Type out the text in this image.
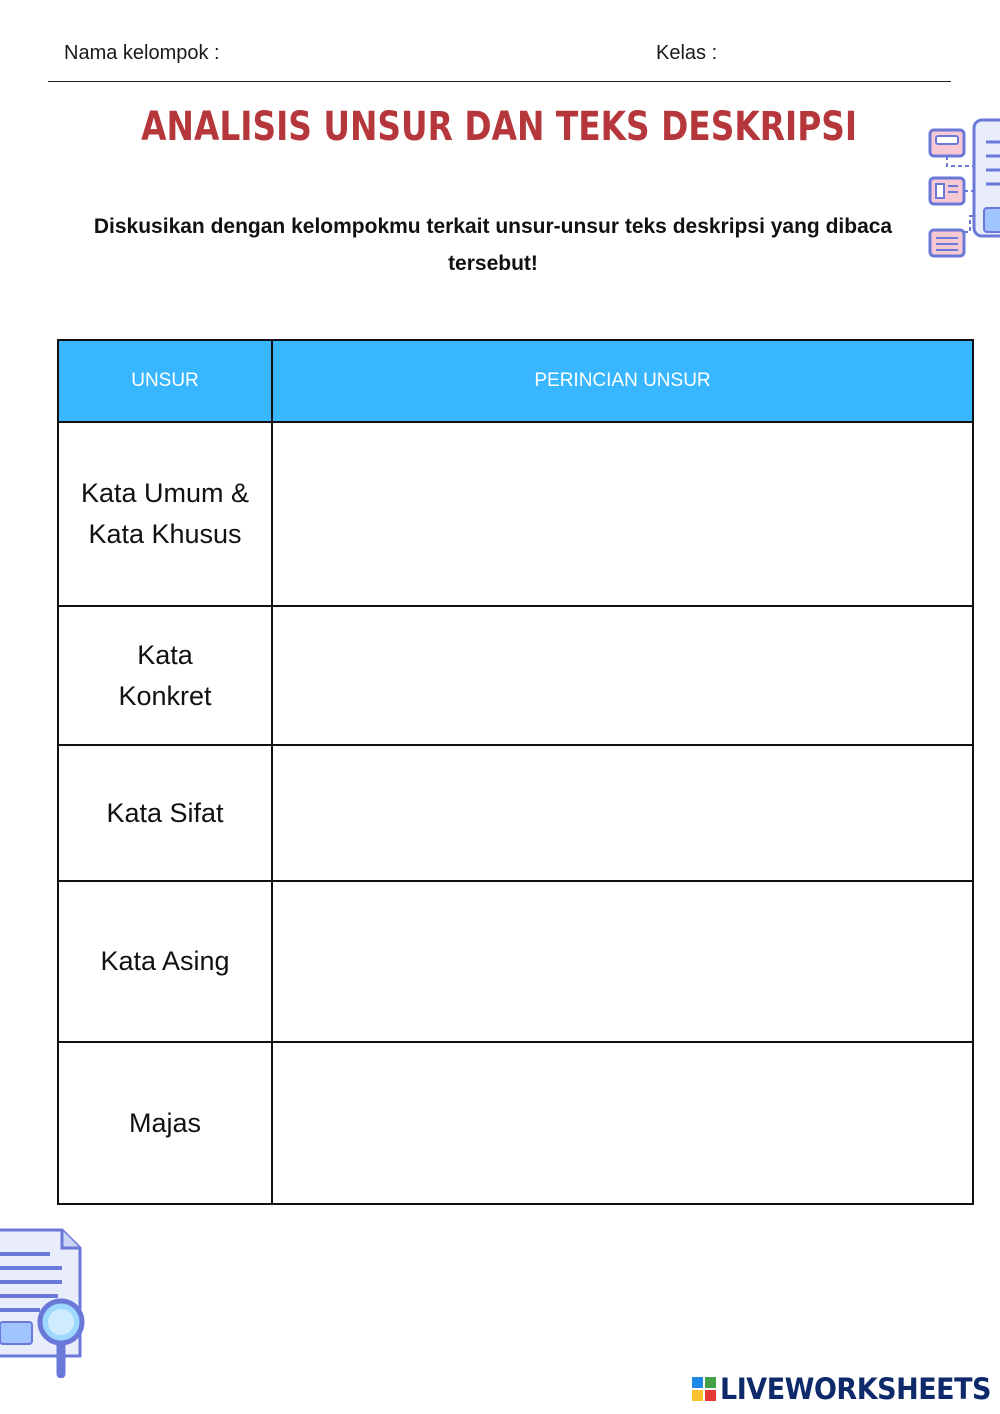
Nama kelompok :	Kelas :
ANALISIS UNSUR DAN TEKS DESKRIPSI
Diskusikan dengan kelompokmu terkait unsur-unsur teks deskripsi yang dibaca tersebut!
UNSUR	PERINCIAN UNSUR
Kata Umum & Kata Khusus	
Kata Konkret	
Kata Sifat	
Kata Asing	
Majas	
LIVEWORKSHEETS
